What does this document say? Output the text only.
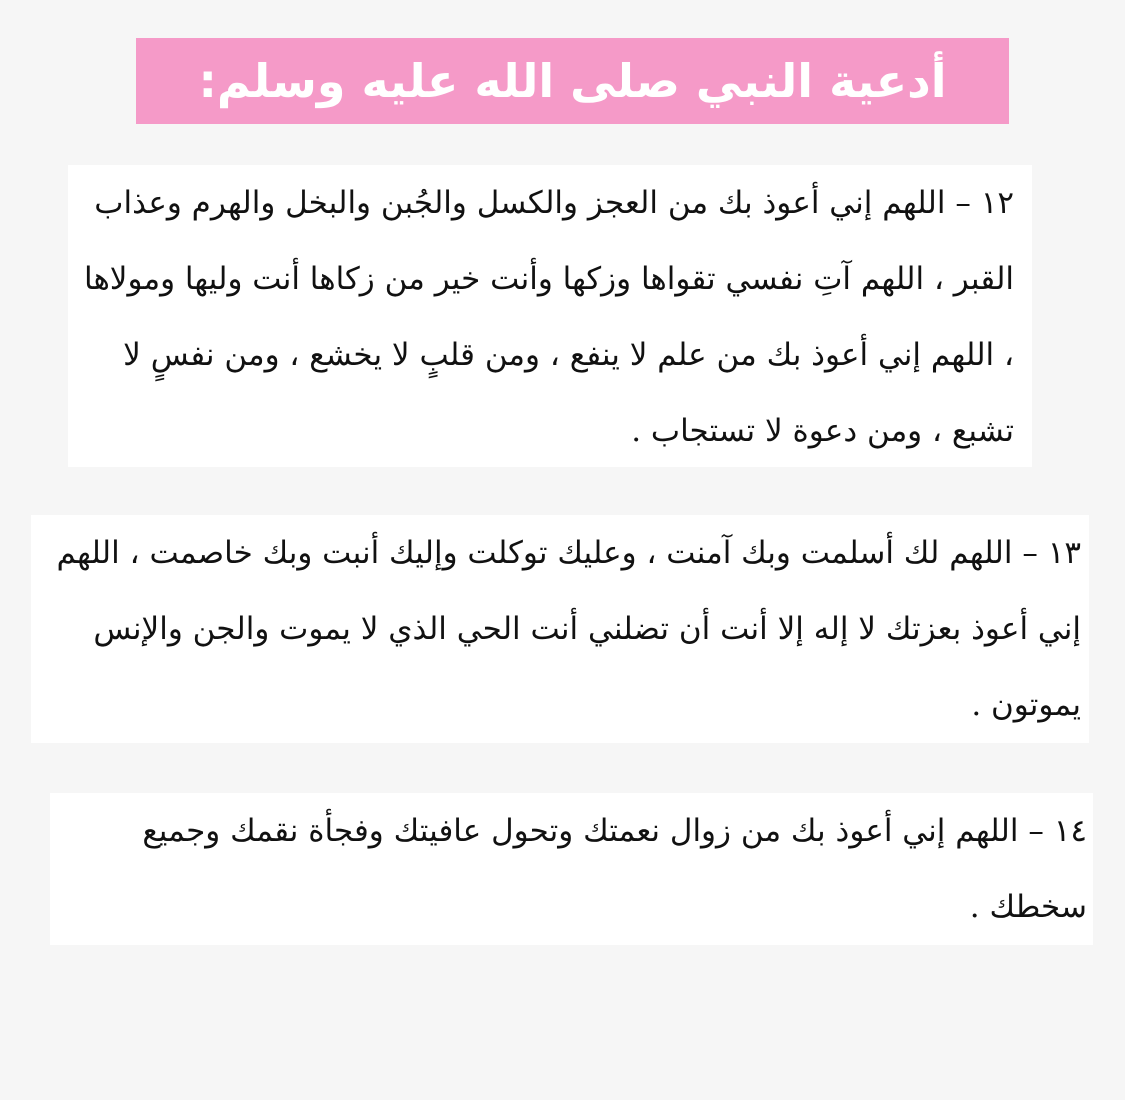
أدعية النبي صلى الله عليه وسلم:

١٢ – اللهم إني أعوذ بك من العجز والكسل والجُبن والبخل والهرم وعذاب القبر ، اللهم آتِ نفسي تقواها وزكها وأنت خير من زكاها أنت وليها ومولاها ، اللهم إني أعوذ بك من علم لا ينفع ، ومن قلبٍ لا يخشع ، ومن نفسٍ لا تشبع ، ومن دعوة لا تستجاب .

١٣ – اللهم لك أسلمت وبك آمنت ، وعليك توكلت وإليك أنبت وبك خاصمت ، اللهم إني أعوذ بعزتك لا إله إلا أنت أن تضلني أنت الحي الذي لا يموت والجن والإنس يموتون .

١٤ – اللهم إني أعوذ بك من زوال نعمتك وتحول عافيتك وفجأة نقمك وجميع سخطك .
